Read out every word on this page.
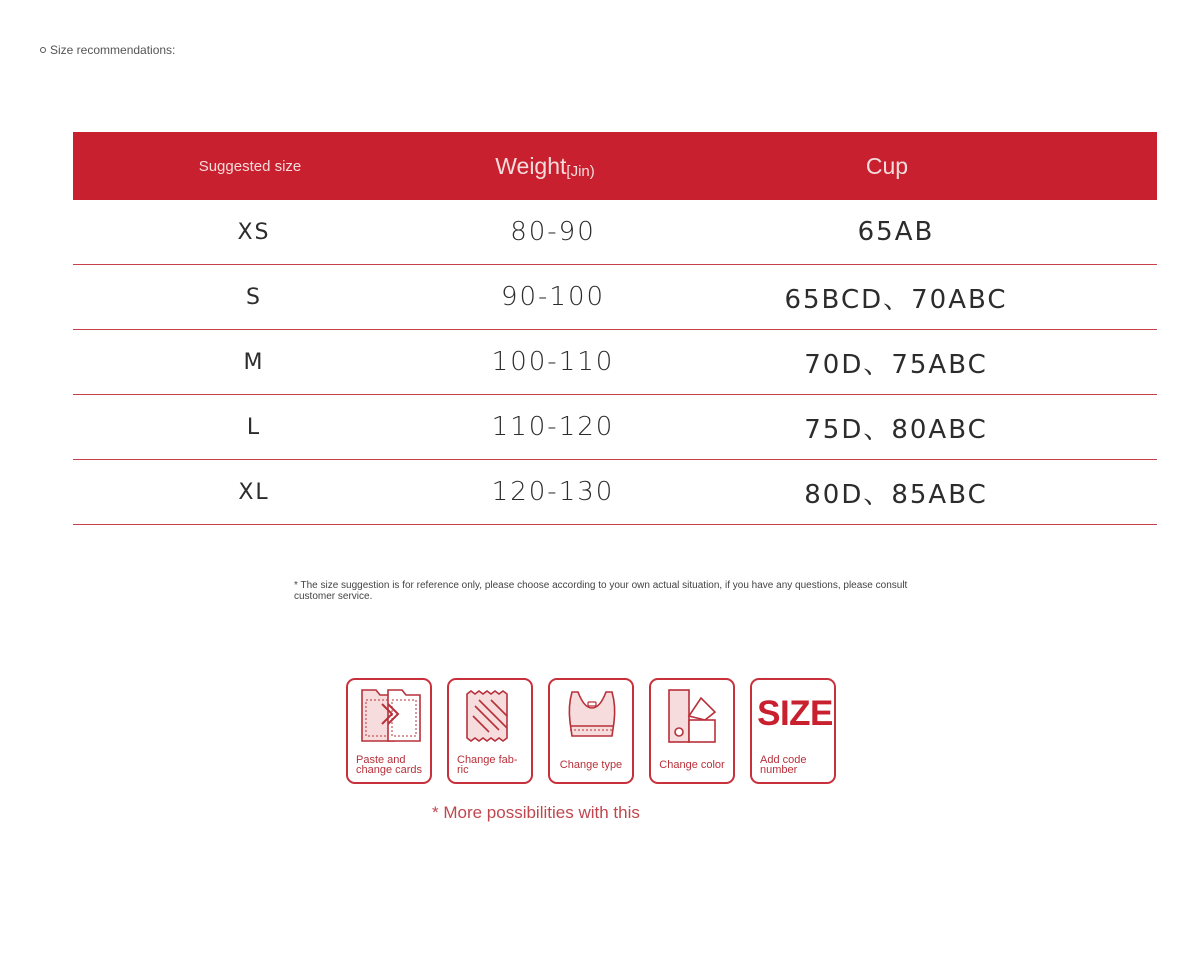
Size recommendations:
Suggested size	Weight [Jin)	Cup
XS	80-90	65AB
S	90-100	65BCD、70ABC
M	100-110	70D、75ABC
L	110-120	75D、80ABC
XL	120-130	80D、85ABC
* The size suggestion is for reference only, please choose according to your own actual situation, if you have any questions, please consult customer service.
Paste and change cards
Change fab-ric	Change type	Change color
SIZE
Add code number
* More possibilities with this
